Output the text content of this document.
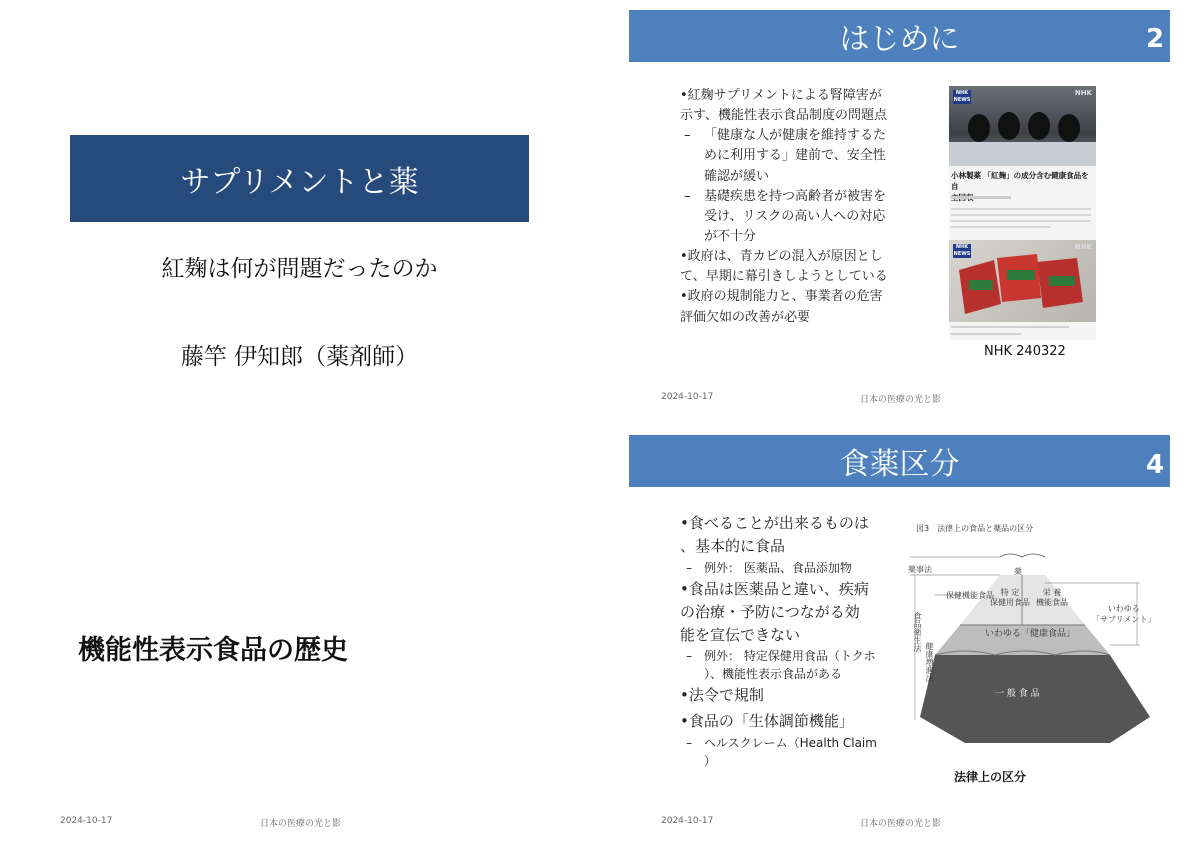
サプリメントと薬
紅麹は何が問題だったのか
藤竿 伊知郎（薬剤師）
はじめに	2
•紅麹サプリメントによる腎障害が
示す、機能性表示食品制度の問題点
– 「健康な人が健康を維持するた
めに利用する」建前で、安全性
確認が緩い
– 基礎疾患を持つ高齢者が被害を
受け、リスクの高い人への対応
が不十分
•政府は、青カビの混入が原因とし
て、早期に幕引きしようとしている
•政府の規制能力と、事業者の危害
評価欠如の改善が必要
NHK NEWS
NHK
小林製薬 「紅麹」の成分含む健康食品を自
NHK NEWS
NHK
NHK 240322
2024-10-17	日本の医療の光と影
機能性表示食品の歴史
2024-10-17	日本の医療の光と影
食薬区分	4
•食べることが出来るものは
、基本的に食品
– 例外： 医薬品、食品添加物
•食品は医薬品と違い、疾病
の治療・予防につながる効
能を宣伝できない
– 例外： 特定保健用食品（トクホ
）、機能性表示食品がある
•法令で規制
•食品の「生体調節機能」
– ヘルスクレーム（Health Claim
）
図3　法律上の食品と薬品の区分
薬
特 定
保健用食品
栄 養
機能食品
いわゆる「健康食品」
一 般 食 品
薬事法
保健機能食品
食品衛生法
健康増進法
いわゆる
「サプリメント」
法律上の区分
2024-10-17	日本の医療の光と影
